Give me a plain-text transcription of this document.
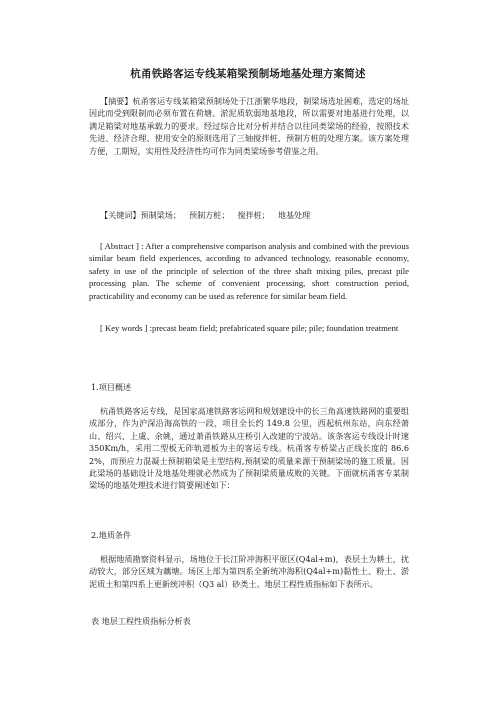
杭甬铁路客运专线某箱梁预制场地基处理方案简述
【摘要】杭甬客运专线某箱梁预制场处于江浙繁华地段，制梁场选址困难，选定的场址因此而受到限制而必须布置在荷塘、淤泥质软弱地基地段，所以需要对地基进行处理，以满足箱梁对地基承载力的要求。经过综合比对分析并结合以往同类梁场的经验，按照技术先进、经济合理、使用安全的原则选用了三轴搅拌桩、预制方桩的处理方案。该方案处理方便，工期短，实用性及经济性均可作为同类梁场参考借鉴之用。
【关键词】预制梁场； 预制方桩； 搅拌桩； 地基处理
[ Abstract ] : After a comprehensive comparison analysis and combined with the previous similar beam field experiences, according to advanced technology, reasonable economy, safety in use of the principle of selection of the three shaft mixing piles, precast pile processing plan. The scheme of convenient processing, short construction period, practicability and economy can be used as reference for similar beam field.
[ Key words ] :precast beam field; prefabricated square pile; pile; foundation treatment
1.项目概述
杭甬铁路客运专线，是国家高速铁路客运网和规划建设中的长三角高速铁路网的重要组成部分，作为沪深沿海高铁的一段，项目全长约 149.8 公里，西起杭州东站，向东经萧山、绍兴、上虞、余姚，通过萧甬铁路从庄桥引入改建的宁波站。该条客运专线设计时速 350Km/h，采用二型板无砟轨道板为主的客运专线。杭甬客专桥梁占正线长度的 86.62%，而预应力混凝土预制箱梁是主型结构,预制梁的质量来源于预制梁场的施工质量。因此梁场的基础设计及地基处理就必然成为了预制梁质量成败的关键。下面就杭甬客专某制梁场的地基处理技术进行简要阐述如下：
2.地质条件
根据地质勘察资料显示，场地位于长江阶冲海积平原区(Q4al+m)，表层土为耕土，扰动较大，部分区域为藕塘。场区上部为第四系全新统冲海积(Q4al+m)黏性土、粉土、淤泥质土和第四系上更新统冲积（Q3 al）砂类土。地层工程性质指标如下表所示。
表 地层工程性质指标分析表
